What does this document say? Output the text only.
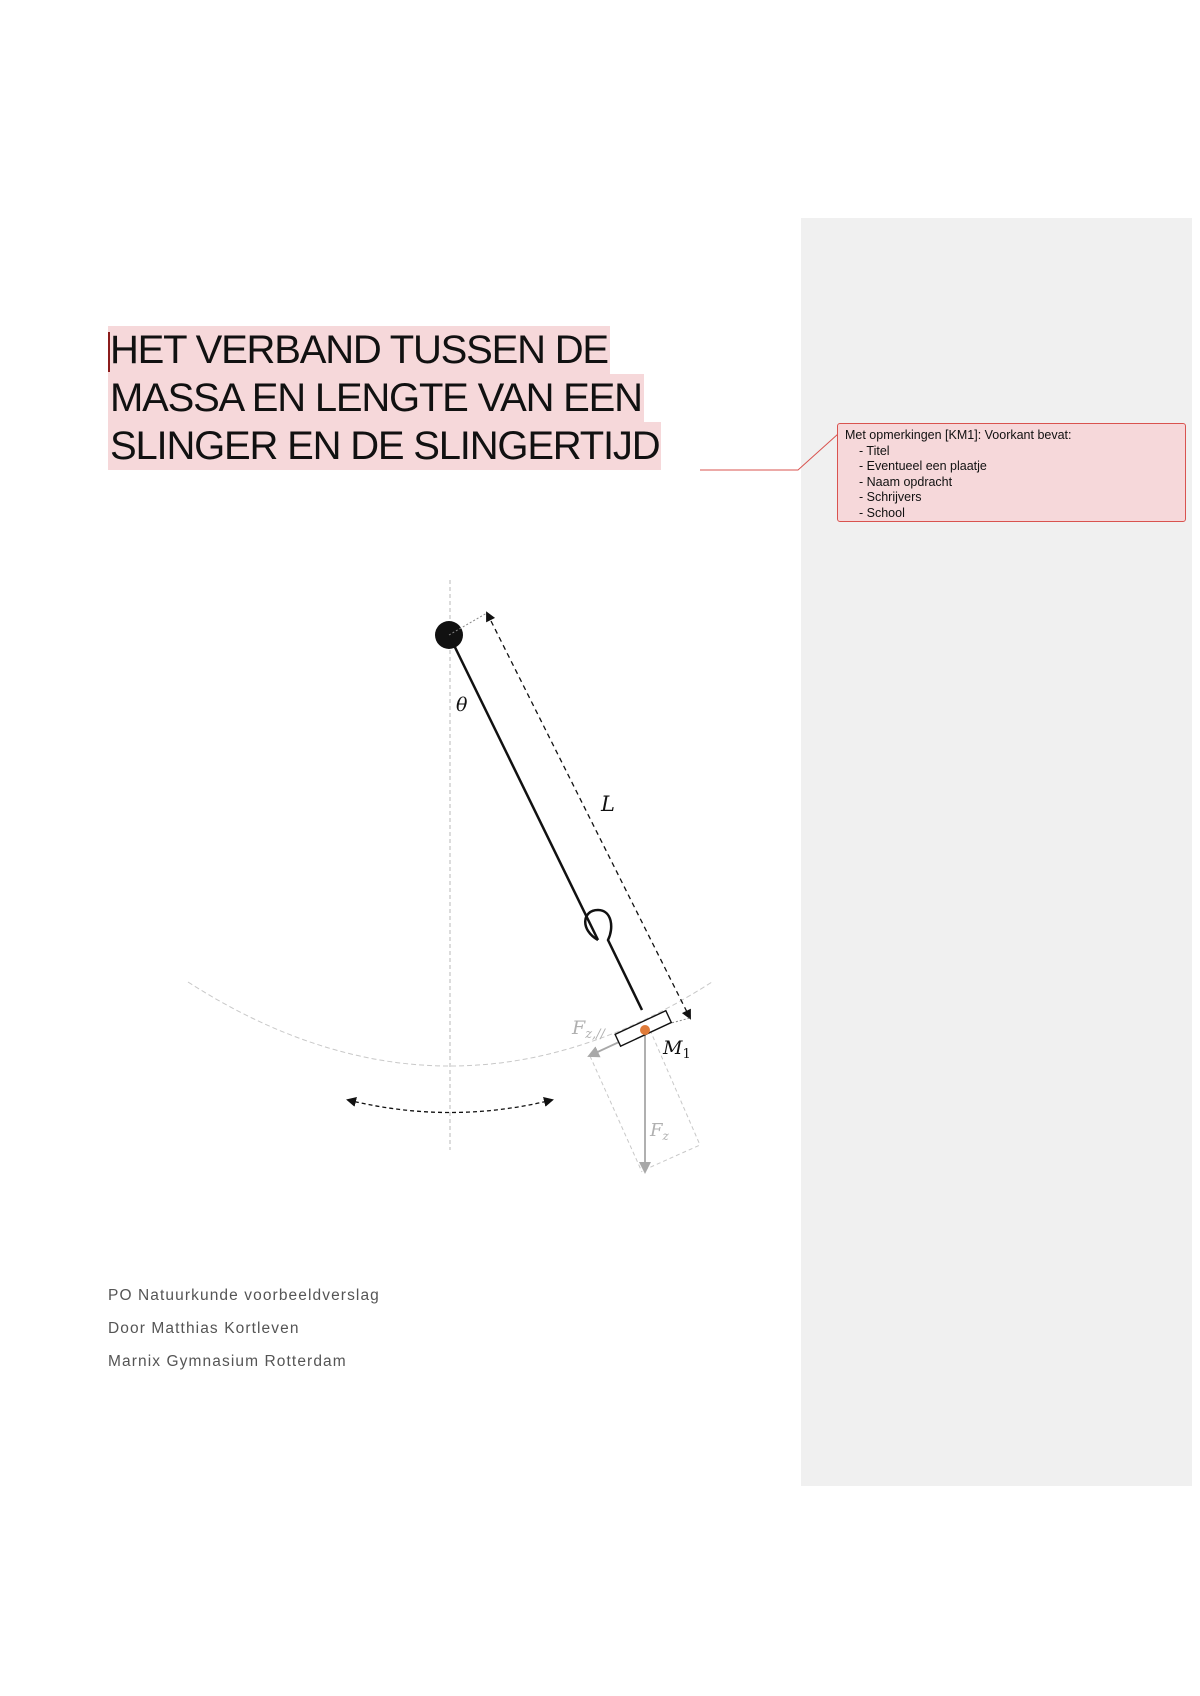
HET VERBAND TUSSEN DE
MASSA EN LENGTE VAN EEN
SLINGER EN DE SLINGERTIJD	Met opmerkingen [KM1]: Voorkant bevat:
- Titel
- Eventueel een plaatje
- Naam opdracht
- Schrijvers
- School
θ
L
$M_1$
$F_{z,//}$
$F_z$
PO Natuurkunde voorbeeldverslag
Door Matthias Kortleven
Marnix Gymnasium Rotterdam
